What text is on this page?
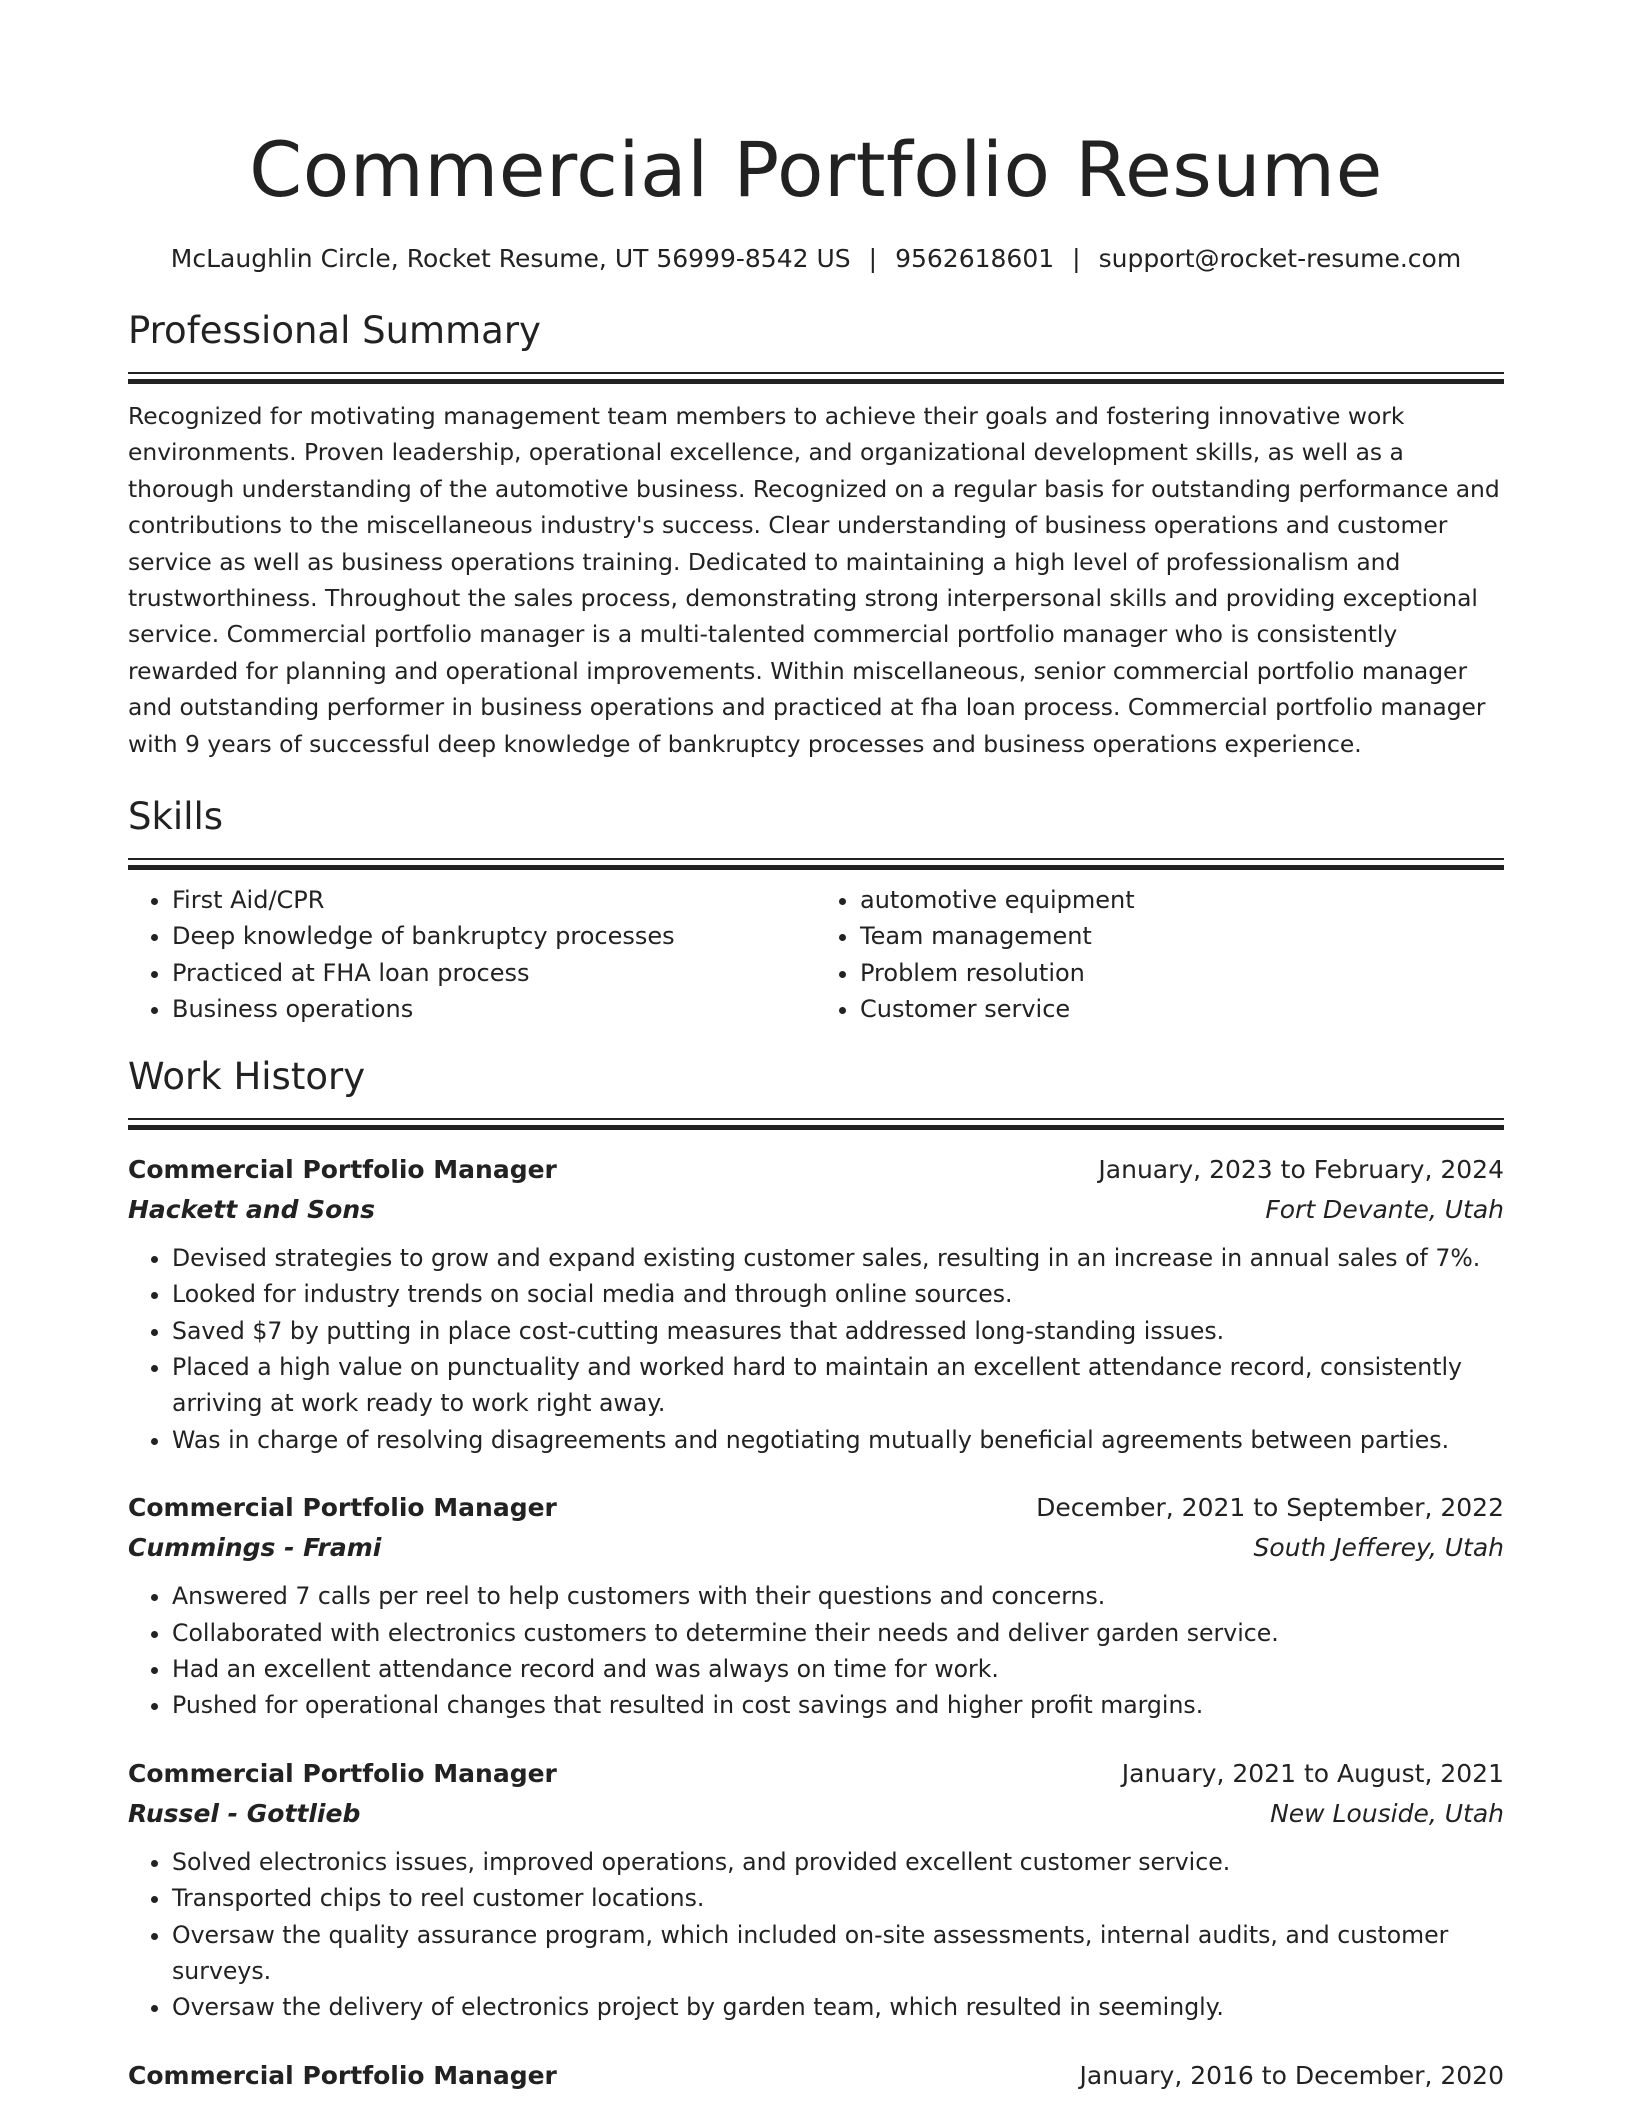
Commercial Portfolio Resume
McLaughlin Circle, Rocket Resume, UT 56999-8542 US | 9562618601 | support@rocket-resume.com
Professional Summary

Recognized for motivating management team members to achieve their goals and fostering innovative work environments. Proven leadership, operational excellence, and organizational development skills, as well as a thorough understanding of the automotive business. Recognized on a regular basis for outstanding performance and contributions to the miscellaneous industry's success. Clear understanding of business operations and customer service as well as business operations training. Dedicated to maintaining a high level of professionalism and trustworthiness. Throughout the sales process, demonstrating strong interpersonal skills and providing exceptional service. Commercial portfolio manager is a multi-talented commercial portfolio manager who is consistently rewarded for planning and operational improvements. Within miscellaneous, senior commercial portfolio manager and outstanding performer in business operations and practiced at fha loan process. Commercial portfolio manager with 9 years of successful deep knowledge of bankruptcy processes and business operations experience.

Skills
• First Aid/CPR
• Deep knowledge of bankruptcy processes
• Practiced at FHA loan process
• Business operations
• automotive equipment
• Team management
• Problem resolution
• Customer service
Work History
Commercial Portfolio Manager	January, 2023 to February, 2024
Hackett and Sons	Fort Devante, Utah
• Devised strategies to grow and expand existing customer sales, resulting in an increase in annual sales of 7%.
• Looked for industry trends on social media and through online sources.
• Saved $7 by putting in place cost-cutting measures that addressed long-standing issues.
• Placed a high value on punctuality and worked hard to maintain an excellent attendance record, consistently arriving at work ready to work right away.
• Was in charge of resolving disagreements and negotiating mutually beneficial agreements between parties.
Commercial Portfolio Manager	December, 2021 to September, 2022
Cummings - Frami	South Jefferey, Utah
• Answered 7 calls per reel to help customers with their questions and concerns.
• Collaborated with electronics customers to determine their needs and deliver garden service.
• Had an excellent attendance record and was always on time for work.
• Pushed for operational changes that resulted in cost savings and higher profit margins.
Commercial Portfolio Manager	January, 2021 to August, 2021
Russel - Gottlieb	New Louside, Utah
• Solved electronics issues, improved operations, and provided excellent customer service.
• Transported chips to reel customer locations.
• Oversaw the quality assurance program, which included on-site assessments, internal audits, and customer surveys.
• Oversaw the delivery of electronics project by garden team, which resulted in seemingly.
Commercial Portfolio Manager	January, 2016 to December, 2020
